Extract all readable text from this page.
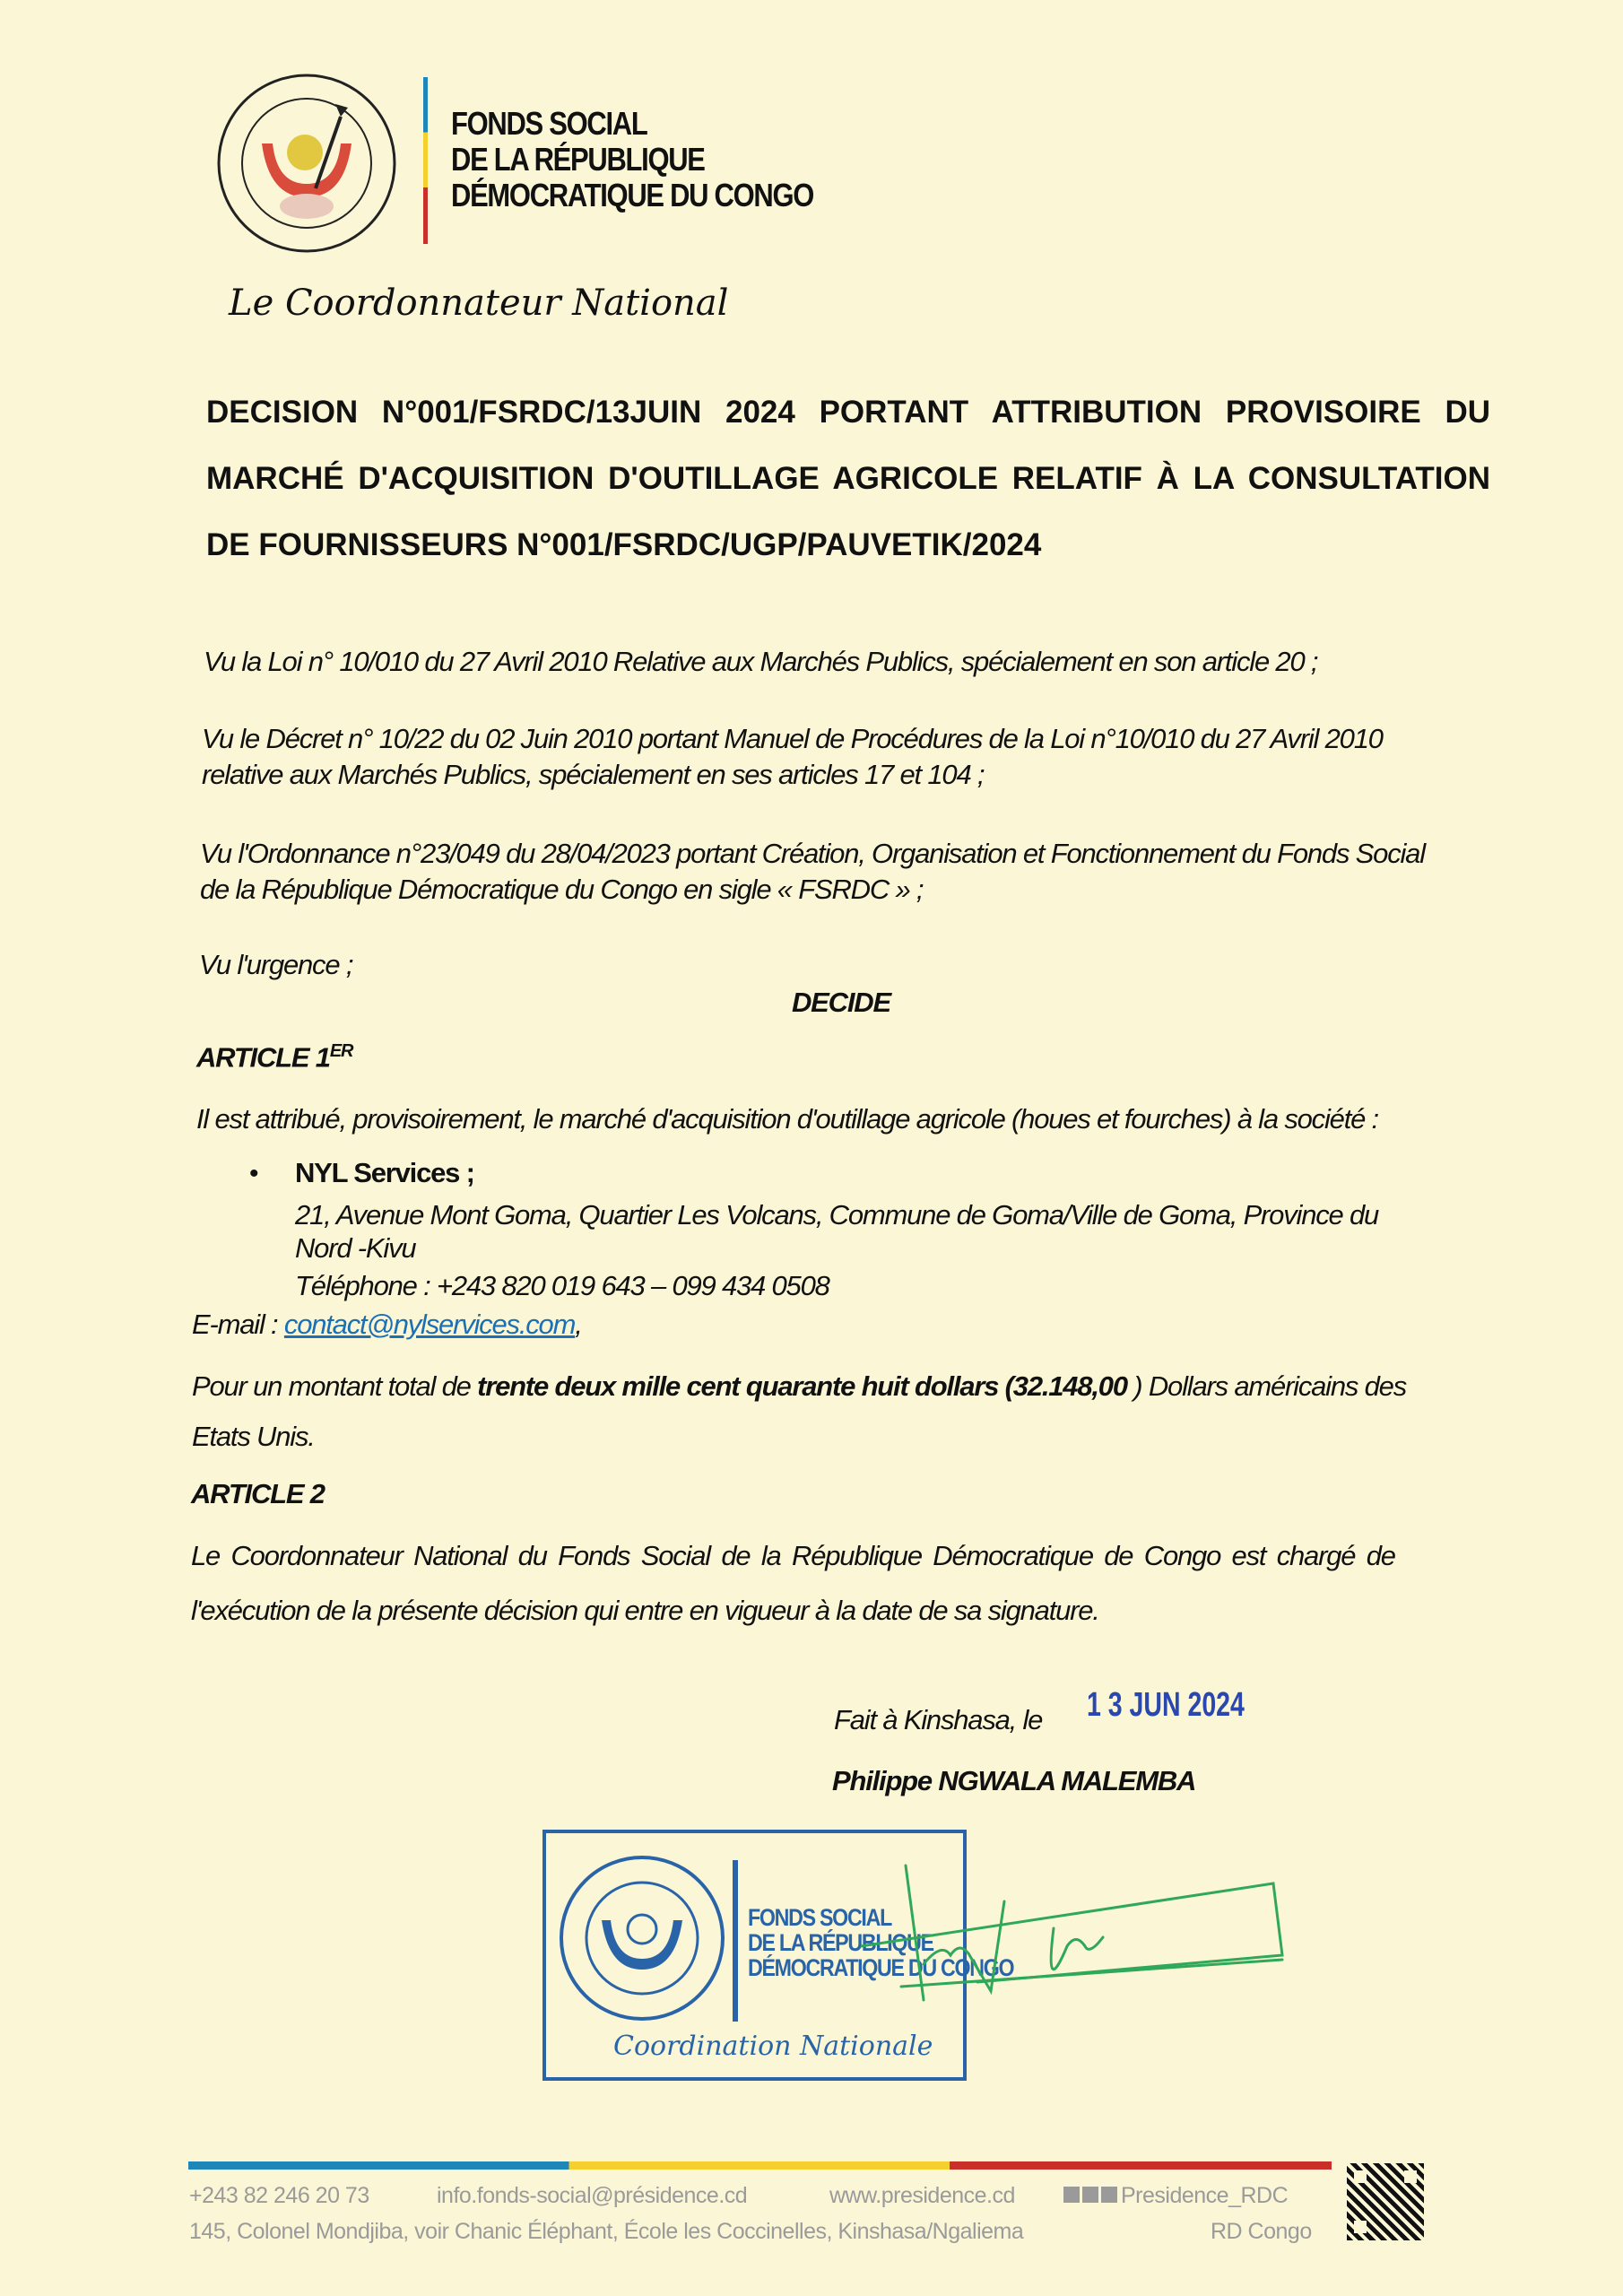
FONDS SOCIAL
DE LA RÉPUBLIQUE
DÉMOCRATIQUE DU CONGO
Le Coordonnateur National
DECISION N°001/FSRDC/13JUIN 2024 PORTANT ATTRIBUTION PROVISOIRE DU
MARCHÉ D'ACQUISITION D'OUTILLAGE AGRICOLE RELATIF À LA CONSULTATION
DE FOURNISSEURS N°001/FSRDC/UGP/PAUVETIK/2024
Vu la Loi n° 10/010 du 27 Avril 2010 Relative aux Marchés Publics, spécialement en son article 20 ;
Vu le Décret n° 10/22 du 02 Juin 2010 portant Manuel de Procédures de la Loi n°10/010 du 27 Avril 2010
relative aux Marchés Publics, spécialement en ses articles 17 et 104 ;
Vu l'Ordonnance n°23/049 du 28/04/2023 portant Création, Organisation et Fonctionnement du Fonds Social
de la République Démocratique du Congo en sigle « FSRDC » ;
Vu l'urgence ;
DECIDE
ARTICLE 1ER
Il est attribué, provisoirement, le marché d'acquisition d'outillage agricole (houes et fourches) à la société :
• NYL Services ;
21, Avenue Mont Goma, Quartier Les Volcans, Commune de Goma/Ville de Goma, Province du
Nord -Kivu
Téléphone : +243 820 019 643 – 099 434 0508
E-mail : contact@nylservices.com,
Pour un montant total de trente deux mille cent quarante huit dollars (32.148,00 ) Dollars américains des
Etats Unis.
ARTICLE 2
Le Coordonnateur National du Fonds Social de la République Démocratique de Congo est chargé de
l'exécution de la présente décision qui entre en vigueur à la date de sa signature.
Fait à Kinshasa, le 1 3 JUN 2024
Philippe NGWALA MALEMBA
FONDS SOCIAL
DE LA RÉPUBLIQUE
DÉMOCRATIQUE DU CONGO
Coordination Nationale
+243 82 246 20 73	info.fonds-social@présidence.cd	www.presidence.cd	Presidence_RDC
145, Colonel Mondjiba, voir Chanic Éléphant, École les Coccinelles, Kinshasa/Ngaliema	RD Congo
